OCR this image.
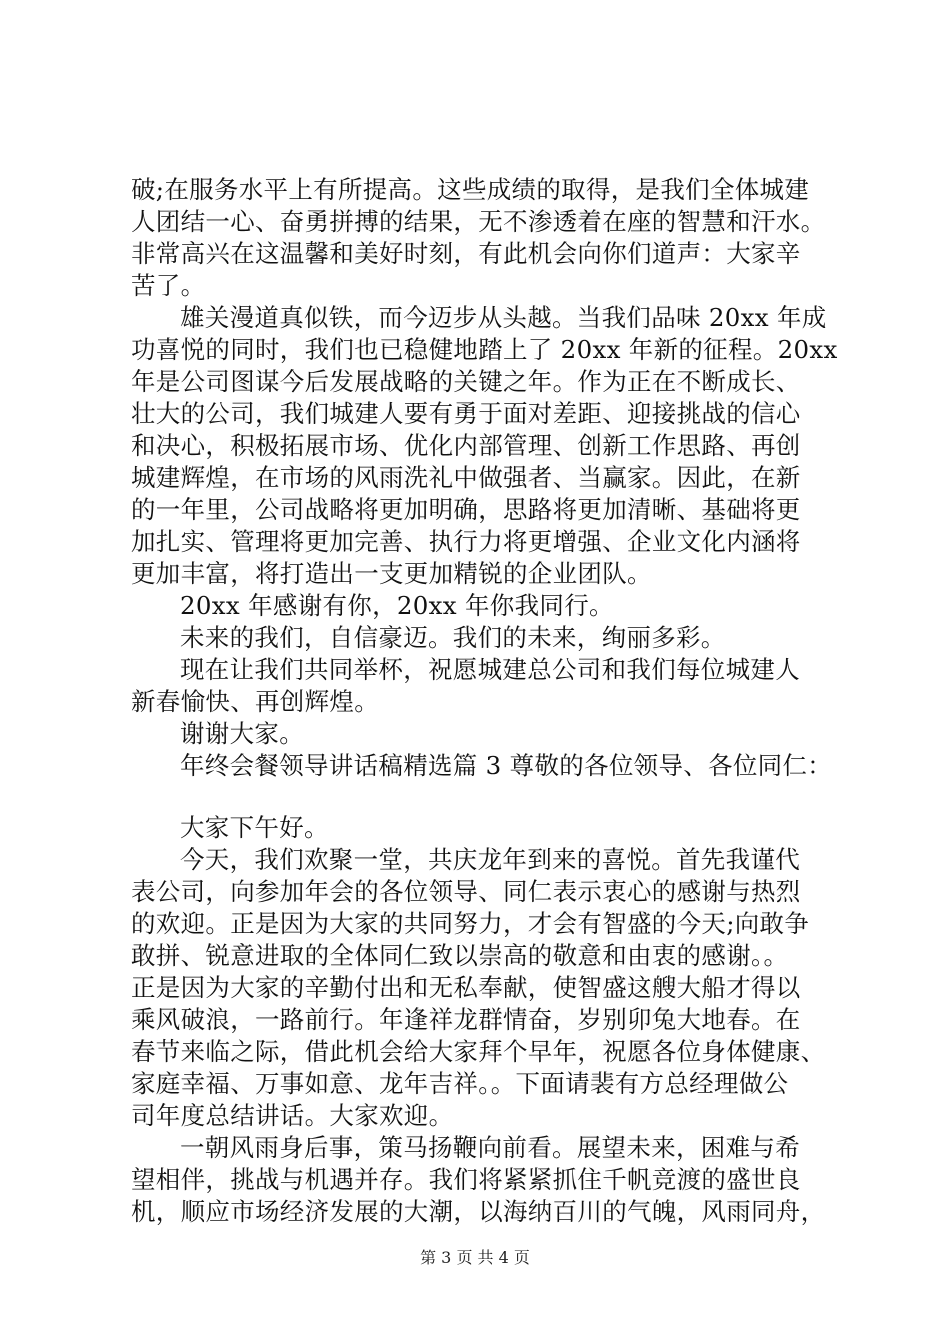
破;在服务水平上有所提高。这些成绩的取得，是我们全体城建
人团结一心、奋勇拼搏的结果，无不渗透着在座的智慧和汗水。
非常高兴在这温馨和美好时刻，有此机会向你们道声：大家辛
苦了。
雄关漫道真似铁，而今迈步从头越。当我们品味 20xx 年成
功喜悦的同时，我们也已稳健地踏上了 20xx 年新的征程。20xx
年是公司图谋今后发展战略的关键之年。作为正在不断成长、
壮大的公司，我们城建人要有勇于面对差距、迎接挑战的信心
和决心，积极拓展市场、优化内部管理、创新工作思路、再创
城建辉煌，在市场的风雨洗礼中做强者、当赢家。因此，在新
的一年里，公司战略将更加明确，思路将更加清晰、基础将更
加扎实、管理将更加完善、执行力将更增强、企业文化内涵将
更加丰富，将打造出一支更加精锐的企业团队。
20xx 年感谢有你，20xx 年你我同行。
未来的我们，自信豪迈。我们的未来，绚丽多彩。
现在让我们共同举杯，祝愿城建总公司和我们每位城建人
新春愉快、再创辉煌。
谢谢大家。
年终会餐领导讲话稿精选篇 3 尊敬的各位领导、各位同仁：
大家下午好。
今天，我们欢聚一堂，共庆龙年到来的喜悦。首先我谨代
表公司，向参加年会的各位领导、同仁表示衷心的感谢与热烈
的欢迎。正是因为大家的共同努力，才会有智盛的今天;向敢争
敢拼、锐意进取的全体同仁致以崇高的敬意和由衷的感谢。。
正是因为大家的辛勤付出和无私奉献，使智盛这艘大船才得以
乘风破浪，一路前行。年逢祥龙群情奋，岁别卯兔大地春。在
春节来临之际，借此机会给大家拜个早年，祝愿各位身体健康、
家庭幸福、万事如意、龙年吉祥。。下面请裴有方总经理做公
司年度总结讲话。大家欢迎。
一朝风雨身后事，策马扬鞭向前看。展望未来，困难与希
望相伴，挑战与机遇并存。我们将紧紧抓住千帆竞渡的盛世良
机，顺应市场经济发展的大潮，以海纳百川的气魄，风雨同舟，
第 3 页 共 4 页
